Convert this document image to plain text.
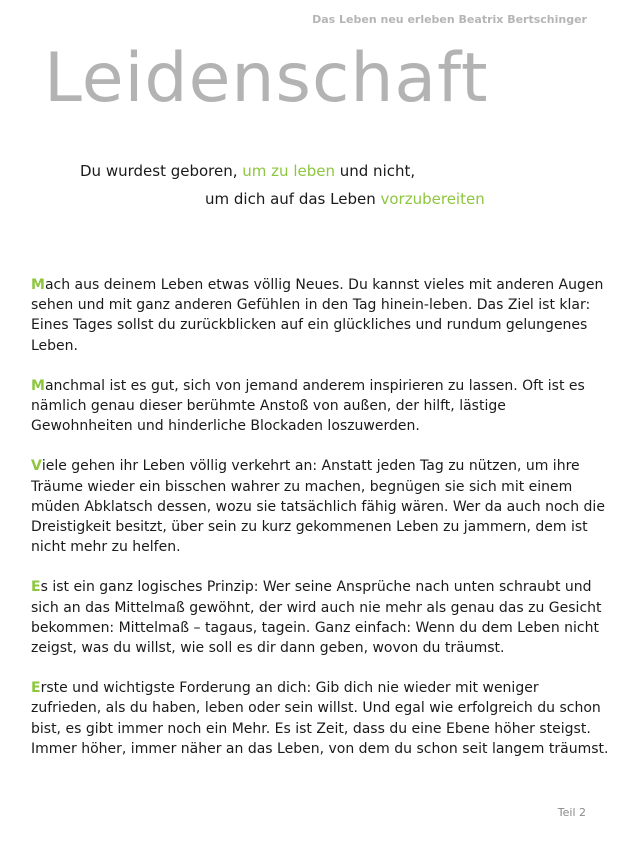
Das Leben neu erleben Beatrix Bertschinger
Leidenschaft
Du wurdest geboren, um zu leben und nicht,
um dich auf das Leben vorzubereiten

Mach aus deinem Leben etwas völlig Neues. Du kannst vieles mit anderen Augen sehen und mit ganz anderen Gefühlen in den Tag hinein-leben. Das Ziel ist klar: Eines Tages sollst du zurückblicken auf ein glückliches und rundum gelungenes Leben.

Manchmal ist es gut, sich von jemand anderem inspirieren zu lassen. Oft ist es nämlich genau dieser berühmte Anstoß von außen, der hilft, lästige Gewohnheiten und hinderliche Blockaden loszuwerden.

Viele gehen ihr Leben völlig verkehrt an: Anstatt jeden Tag zu nützen, um ihre Träume wieder ein bisschen wahrer zu machen, begnügen sie sich mit einem müden Abklatsch dessen, wozu sie tatsächlich fähig wären. Wer da auch noch die Dreistigkeit besitzt, über sein zu kurz gekommenen Leben zu jammern, dem ist nicht mehr zu helfen.

Es ist ein ganz logisches Prinzip: Wer seine Ansprüche nach unten schraubt und sich an das Mittelmaß gewöhnt, der wird auch nie mehr als genau das zu Gesicht bekommen: Mittelmaß – tagaus, tagein. Ganz einfach: Wenn du dem Leben nicht zeigst, was du willst, wie soll es dir dann geben, wovon du träumst.

Erste und wichtigste Forderung an dich: Gib dich nie wieder mit weniger zufrieden, als du haben, leben oder sein willst. Und egal wie erfolgreich du schon bist, es gibt immer noch ein Mehr. Es ist Zeit, dass du eine Ebene höher steigst. Immer höher, immer näher an das Leben, von dem du schon seit langem träumst.

Teil 2
